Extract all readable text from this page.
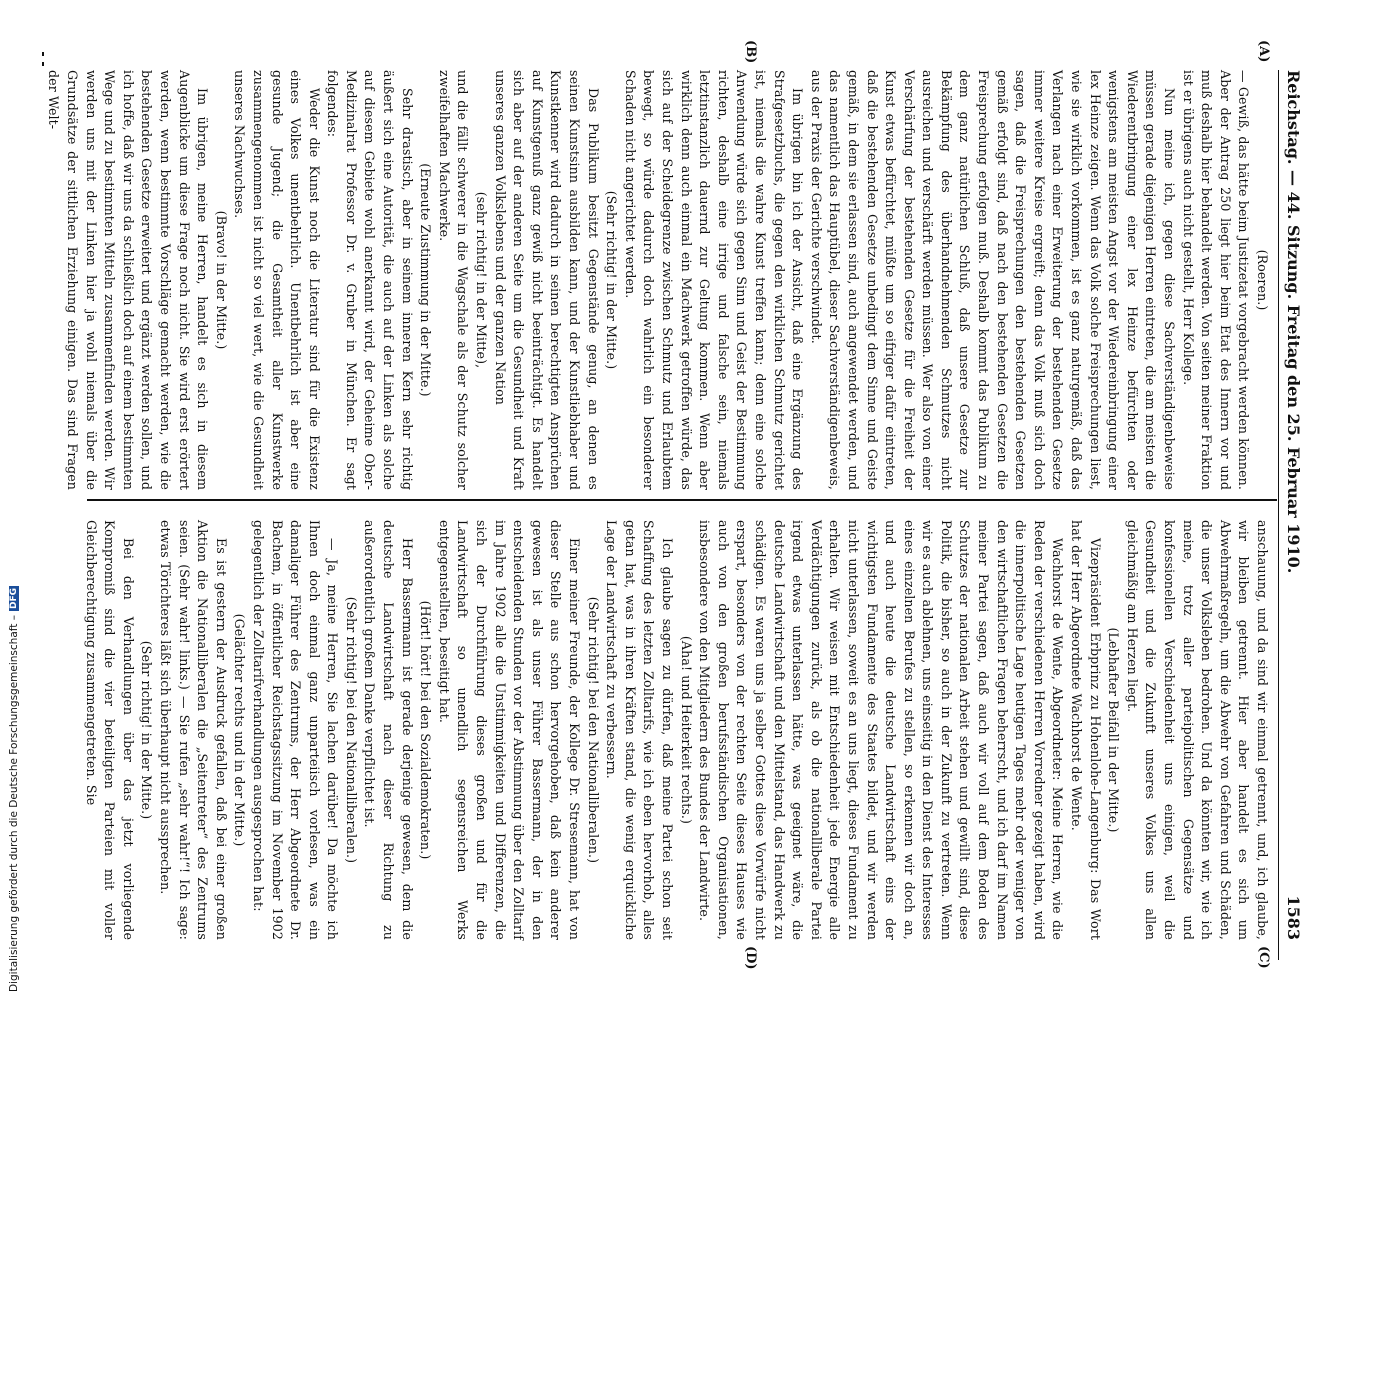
Reichstag. — 44. Sitzung. Freitag den 25. Februar 1910.
1583
(A)
(B)
(C)
(D)

(Roeren.)

— Gewiß, das hätte beim Justizetat vorgebracht werden können. Aber der Antrag 250 liegt hier beim Etat des Innern vor und muß deshalb hier behandelt werden. Von seiten meiner Fraktion ist er übrigens auch nicht gestellt, Herr Kollege.

Nun meine ich, gegen diese Sachverständigenbeweise müssen gerade diejenigen Herren eintreten, die am meisten die Wiederentbringung einer lex Heinze befürchten oder wenigstens am meisten Angst vor der Wiedereinbringung einer lex Heinze zeigen. Wenn das Volk solche Freisprechungen liest, wie sie wirklich vorkommen, ist es ganz naturgemäß, daß das Verlangen nach einer Erweiterung der bestehenden Gesetze immer weitere Kreise ergreift; denn das Volk muß sich doch sagen, daß die Freisprechungen den bestehenden Gesetzen gemäß erfolgt sind, daß nach den bestehenden Gesetzen die Freisprechung erfolgen muß. Deshalb kommt das Publikum zu dem ganz natürlichen Schluß, daß unsere Gesetze zur Bekämpfung des überhandnehmenden Schmutzes nicht ausreichen und verschärft werden müssen. Wer also von einer Verschärfung der bestehenden Gesetze für die Freiheit der Kunst etwas befürchtet, müßte um so eifriger dafür eintreten, daß die bestehenden Gesetze unbedingt dem Sinne und Geiste gemäß, in dem sie erlassen sind, auch angewendet werden, und das namentlich das Hauptübel, dieser Sachverständigenbeweis, aus der Praxis der Gerichte verschwindet.

Im übrigen bin ich der Ansicht, daß eine Ergänzung des Strafgesetzbuchs, die gegen den wirklichen Schmutz gerichtet ist, niemals die wahre Kunst treffen kann; denn eine solche Anwendung würde sich gegen Sinn und Geist der Bestimmung richten, deshalb eine irrige und falsche sein, niemals letztinstanzlich dauernd zur Geltung kommen. Wenn aber wirklich denn auch einmal ein Machwerk getroffen würde, das sich auf der Scheidegrenze zwischen Schmutz und Erlaubtem bewegt, so würde dadurch doch wahrlich ein besonderer Schaden nicht angerichtet werden.

(Sehr richtig! in der Mitte.)

Das Publikum besitzt Gegenstände genug, an denen es seinen Kunstsinn ausbilden kann, und der Kunstliebhaber und Kunstkenner wird dadurch in seinen berechtigten Ansprüchen auf Kunstgenuß ganz gewiß nicht beeinträchtigt. Es handelt sich aber auf der anderen Seite um die Gesundheit und Kraft unseres ganzen Volkslebens und der ganzen Nation

(sehr richtig! in der Mitte),

und die fällt schwerer in die Wagschale als der Schutz solcher zweifelhaften Machwerke.

(Erneute Zustimmung in der Mitte.)

Sehr drastisch, aber in seinem inneren Kern sehr richtig äußert sich eine Autorität, die auch auf der Linken als solche auf diesem Gebiete wohl anerkannt wird, der Geheime Ober-Medizinalrat Professor Dr. v. Gruber in München. Er sagt folgendes:

Weder die Kunst noch die Literatur sind für die Existenz eines Volkes unentbehrlich. Unentbehrlich ist aber eine gesunde Jugend; die Gesamtheit aller Kunstwerke zusammengenommen ist nicht so viel wert, wie die Gesundheit unseres Nachwuchses.

(Bravo! in der Mitte.)

Im übrigen, meine Herren, handelt es sich in diesem Augenblicke um diese Frage noch nicht. Sie wird erst erörtert werden, wenn bestimmte Vorschläge gemacht werden, wie die bestehenden Gesetze erweitert und ergänzt werden sollen, und ich hoffe, daß wir uns da schließlich doch auf einem bestimmten Wege und zu bestimmten Mitteln zusammenfinden werden. Wir werden uns mit der Linken hier ja wohl niemals über die Grundsätze der sittlichen Erziehung einigen. Das sind Fragen der Welt-

anschauung, und da sind wir einmal getrennt, und, ich glaube, wir bleiben getrennt. Hier aber handelt es sich um Abwehrmaßregeln, um die Abwehr von Gefahren und Schäden, die unser Volksleben bedrohen. Und da könnten wir, wie ich meine, trotz aller parteipolitischen Gegensätze und konfessionellen Verschiedenheit uns einigen, weil die Gesundheit und die Zukunft unseres Volkes uns allen gleichmäßig am Herzen liegt.

(Lebhafter Beifall in der Mitte.)

Vizepräsident Erbprinz zu Hohenlohe-Langenburg: Das Wort hat der Herr Abgeordnete Wachhorst de Wente.

Wachhorst de Wente, Abgeordneter: Meine Herren, wie die Reden der verschiedenen Herren Vorredner gezeigt haben, wird die innerpolitische Lage heutigen Tages mehr oder weniger von den wirtschaftlichen Fragen beherrscht, und ich darf im Namen meiner Partei sagen, daß auch wir voll auf dem Boden des Schutzes der nationalen Arbeit stehen und gewillt sind, diese Politik, die bisher, so auch in der Zukunft zu vertreten. Wenn wir es auch ablehnen, uns einseitig in den Dienst des Interesses eines einzelnen Berufes zu stellen, so erkennen wir doch an, und auch heute die deutsche Landwirtschaft eins der wichtigsten Fundamente des Staates bildet, und wir werden nicht unterlassen, soweit es an uns liegt, dieses Fundament zu erhalten. Wir weisen mit Entschiedenheit jede Energie alle Verdächtigungen zurück, als ob die nationalliberale Partei irgend etwas unterlassen hätte, was geeignet wäre, die deutsche Landwirtschaft und den Mittelstand, das Handwerk zu schädigen. Es waren uns ja selber Gottes diese Vorwürfe nicht erspart, besonders von der rechten Seite dieses Hauses wie auch von den großen berufsständischen Organisationen, insbesondere von den Mitgliedern des Bundes der Landwirte.

(Aha! und Heiterkeit rechts.)

Ich glaube sagen zu dürfen, daß meine Partei schon seit Schaffung des letzten Zolltarifs, wie ich eben hervorhob, alles getan hat, was in ihren Kräften stand, die wenig erquickliche Lage der Landwirtschaft zu verbessern.

(Sehr richtig! bei den Nationalliberalen.)

Einer meiner Freunde, der Kollege Dr. Stresemann, hat von dieser Stelle aus schon hervorgehoben, daß kein anderer gewesen ist als unser Führer Bassermann, der in den entscheidenden Stunden vor der Abstimmung über den Zolltarif im Jahre 1902 alle die Unstimmigkeiten und Differenzen, die sich der Durchführung dieses großen und für die Landwirtschaft so unendlich segensreichen Werks entgegenstellten, beseitigt hat.

(Hört! hört! bei den Sozialdemokraten.)

Herr Bassermann ist gerade derjenige gewesen, dem die deutsche Landwirtschaft nach dieser Richtung zu außerordentlich großem Danke verpflichtet ist.

(Sehr richtig! bei den Nationalliberalen.)

— Ja, meine Herren, Sie lachen darüber! Da möchte ich Ihnen doch einmal ganz unparteiisch vorlesen, was ein damaliger Führer des Zentrums, der Herr Abgeordnete Dr. Bachem, in öffentlicher Reichstagssitzung im November 1902 gelegentlich der Zolltarifverhandlungen ausgesprochen hat:

(Gelächter rechts und in der Mitte.)

Es ist gestern der Ausdruck gefallen, daß bei einer großen Aktion die Nationalliberalen die „Seitentreter“ des Zentrums seien. (Sehr wahr! links.) — Sie rufen „sehr wahr!“! Ich sage: etwas Törichteres läßt sich überhaupt nicht aussprechen.

(Sehr richtig! in der Mitte.)

Bei den Verhandlungen über das jetzt vorliegende Kompromiß sind die vier beteiligten Parteien mit voller Gleichberechtigung zusammengetreten. Sie

Digitalisierung gefördert durch die Deutsche Forschungsgemeinschaft –
DFG
